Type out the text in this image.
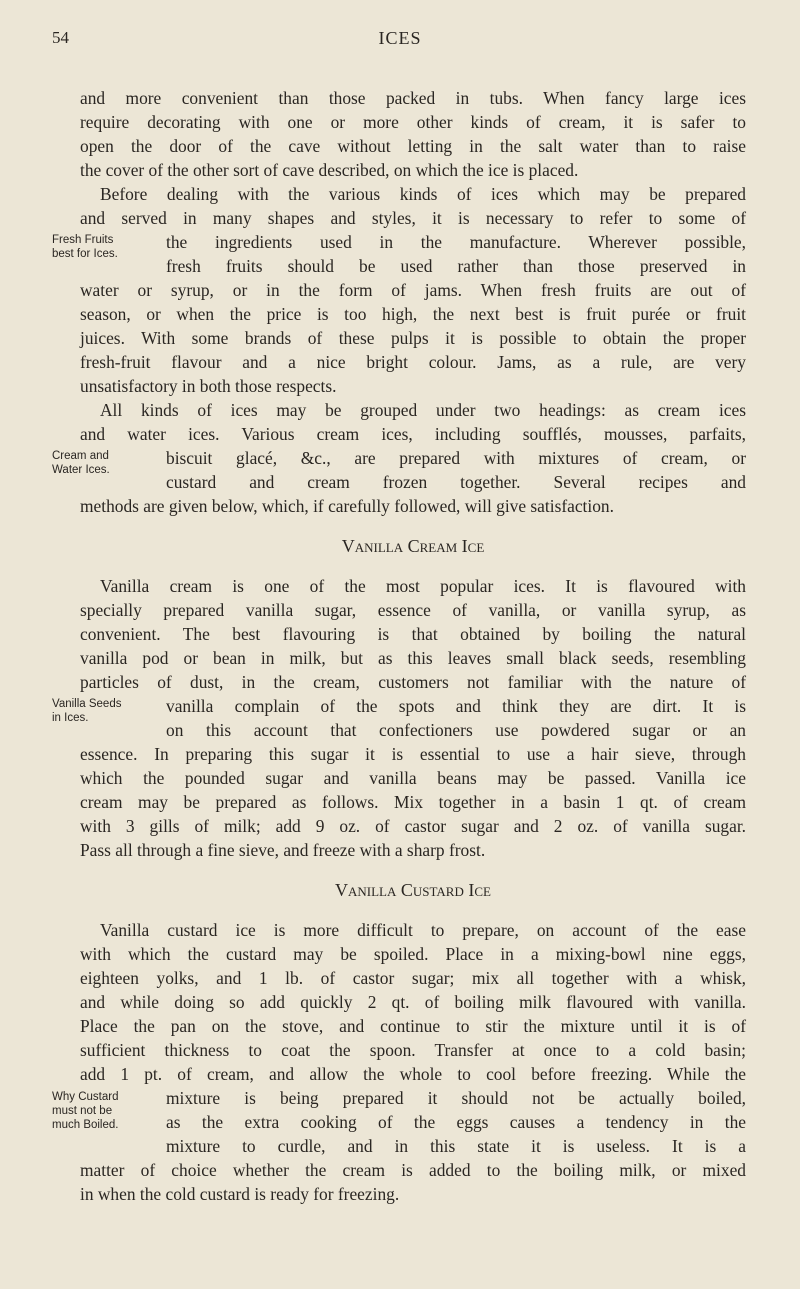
54	ICES
and more convenient than those packed in tubs. When fancy large ices
require decorating with one or more other kinds of cream, it is safer to
open the door of the cave without letting in the salt water than to raise
the cover of the other sort of cave described, on which the ice is placed.
Before dealing with the various kinds of ices which may be prepared
and served in many shapes and styles, it is necessary to refer to some of
Fresh Fruits
best for Ices.
the ingredients used in the manufacture. Wherever possible,
fresh fruits should be used rather than those preserved in
water or syrup, or in the form of jams. When fresh fruits are out of
season, or when the price is too high, the next best is fruit purée or fruit
juices. With some brands of these pulps it is possible to obtain the proper
fresh-fruit flavour and a nice bright colour. Jams, as a rule, are very
unsatisfactory in both those respects.
All kinds of ices may be grouped under two headings: as cream ices
and water ices. Various cream ices, including soufflés, mousses, parfaits,
Cream and
Water Ices.
biscuit glacé, &c., are prepared with mixtures of cream, or
custard and cream frozen together. Several recipes and
methods are given below, which, if carefully followed, will give satisfaction.
Vanilla Cream Ice
Vanilla cream is one of the most popular ices. It is flavoured with
specially prepared vanilla sugar, essence of vanilla, or vanilla syrup, as
convenient. The best flavouring is that obtained by boiling the natural
vanilla pod or bean in milk, but as this leaves small black seeds, resembling
particles of dust, in the cream, customers not familiar with the nature of
Vanilla Seeds
in Ices.
vanilla complain of the spots and think they are dirt. It is
on this account that confectioners use powdered sugar or an
essence. In preparing this sugar it is essential to use a hair sieve, through
which the pounded sugar and vanilla beans may be passed. Vanilla ice
cream may be prepared as follows. Mix together in a basin 1 qt. of cream
with 3 gills of milk; add 9 oz. of castor sugar and 2 oz. of vanilla sugar.
Pass all through a fine sieve, and freeze with a sharp frost.
Vanilla Custard Ice
Vanilla custard ice is more difficult to prepare, on account of the ease
with which the custard may be spoiled. Place in a mixing-bowl nine eggs,
eighteen yolks, and 1 lb. of castor sugar; mix all together with a whisk,
and while doing so add quickly 2 qt. of boiling milk flavoured with vanilla.
Place the pan on the stove, and continue to stir the mixture until it is of
sufficient thickness to coat the spoon. Transfer at once to a cold basin;
add 1 pt. of cream, and allow the whole to cool before freezing. While the
Why Custard
must not be
much Boiled.
mixture is being prepared it should not be actually boiled,
as the extra cooking of the eggs causes a tendency in the
mixture to curdle, and in this state it is useless. It is a
matter of choice whether the cream is added to the boiling milk, or mixed
in when the cold custard is ready for freezing.
